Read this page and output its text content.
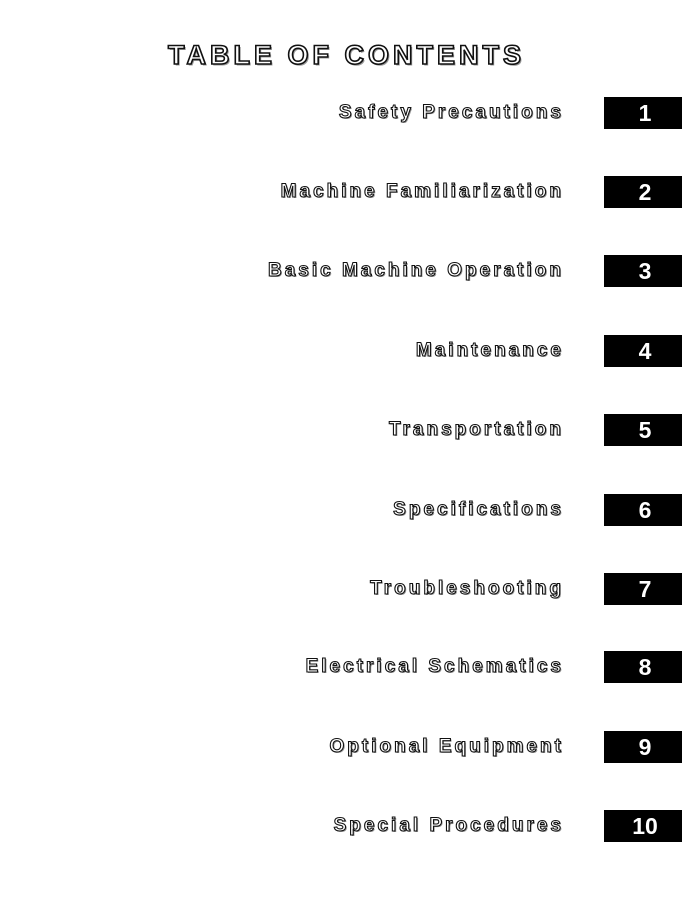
TABLE OF CONTENTS
Safety Precautions	1
Machine Familiarization	2
Basic Machine Operation	3
Maintenance	4
Transportation	5
Specifications	6
Troubleshooting	7
Electrical Schematics	8
Optional Equipment	9
Special Procedures	10
